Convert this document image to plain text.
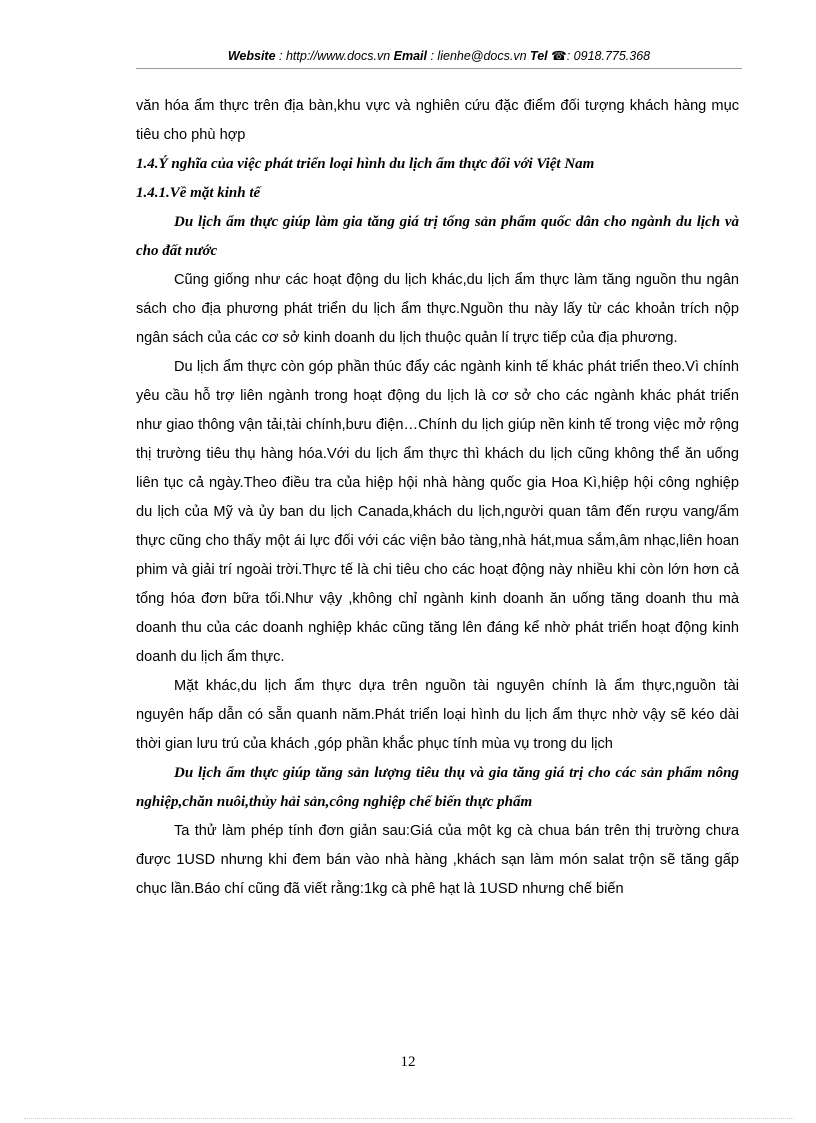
Website : http://www.docs.vn Email : lienhe@docs.vn Tel ☎: 0918.775.368

văn hóa ẩm thực trên địa bàn,khu vực và nghiên cứu đặc điểm đối tượng khách hàng mục tiêu cho phù hợp

1.4.Ý nghĩa của việc phát triển loại hình du lịch ẩm thực đối với Việt Nam

1.4.1.Về mặt kinh tế

Du lịch ẩm thực giúp làm gia tăng giá trị tổng sản phẩm quốc dân cho ngành du lịch và cho đất nước

Cũng giống như các hoạt động du lịch khác,du lịch ẩm thực làm tăng nguồn thu ngân sách cho địa phương phát triển du lịch ẩm thực.Nguồn thu này lấy từ các khoản trích nộp ngân sách của các cơ sở kinh doanh du lịch thuộc quản lí trực tiếp của địa phương.

Du lịch ẩm thực còn góp phần thúc đẩy các ngành kinh tế khác phát triển theo.Vì chính yêu cầu hỗ trợ liên ngành trong hoạt động du lịch là cơ sở cho các ngành khác phát triển như giao thông vận tải,tài chính,bưu điện…Chính du lịch giúp nền kinh tế trong việc mở rộng thị trường tiêu thụ hàng hóa.Với du lịch ẩm thực thì khách du lịch cũng không thể ăn uống liên tục cả ngày.Theo điều tra của hiệp hội nhà hàng quốc gia Hoa Kì,hiệp hội công nghiệp du lịch của Mỹ và ủy ban du lịch Canada,khách du lịch,người quan tâm đến rượu vang/ẩm thực cũng cho thấy một ái lực đối với các viện bảo tàng,nhà hát,mua sắm,âm nhạc,liên hoan phim và giải trí ngoài trời.Thực tế là chi tiêu cho các hoạt động này nhiều khi còn lớn hơn cả tổng hóa đơn bữa tối.Như vậy ,không chỉ ngành kinh doanh ăn uống tăng doanh thu mà doanh thu của các doanh nghiệp khác cũng tăng lên đáng kể nhờ phát triển hoạt động kinh doanh du lịch ẩm thực.

Mặt khác,du lịch ẩm thực dựa trên nguồn tài nguyên chính là ẩm thực,nguồn tài nguyên hấp dẫn có sẵn quanh năm.Phát triển loại hình du lịch ẩm thực nhờ vậy sẽ kéo dài thời gian lưu trú của khách ,góp phần khắc phục tính mùa vụ trong du lịch

Du lịch ẩm thực giúp tăng sản lượng tiêu thụ và gia tăng giá trị cho các sản phẩm nông nghiệp,chăn nuôi,thủy hải sản,công nghiệp chế biến thực phẩm

Ta thử làm phép tính đơn giản sau:Giá của một kg cà chua bán trên thị trường chưa được 1USD nhưng khi đem bán vào nhà hàng ,khách sạn làm món salat trộn sẽ tăng gấp chục lần.Báo chí cũng đã viết rằng:1kg cà phê hạt là 1USD nhưng chế biến

12
